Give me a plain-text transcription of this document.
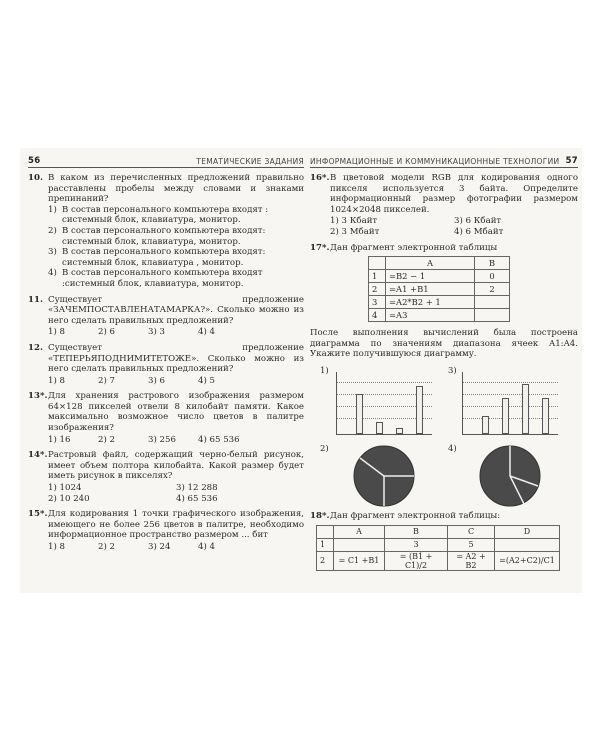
56	ТЕМАТИЧЕСКИЕ ЗАДАНИЯ
10. В каком из перечисленных предложений правильно расставлены пробелы между словами и знаками препинаний?
1) В состав персонального компьютера входят : системный блок, клавиатура, монитор.
2) В состав персонального компьютера входят: системный блок, клавиатура, монитор.
3) В состав персонального компьютера входят: системный блок, клавиатура , монитор.
4) В состав персонального компьютера входят :системный блок, клавиатура, монитор.
11. Существует предложение «ЗАЧЕМПОСТАВЛЕНАТАМАРКА?». Сколько можно из него сделать правильных предложений?
1) 8	2) 6	3) 3	4) 4
12. Существует предложение «ТЕПЕРЬЯПОДНИМИТЕТОЖЕ». Сколько можно из него сделать правильных предложений?
1) 8	2) 7	3) 6	4) 5
13*. Для хранения растрового изображения размером 64×128 пикселей отвели 8 килобайт памяти. Какое максимально возможное число цветов в палитре изображения?
1) 16	2) 2	3) 256	4) 65 536
14*. Растровый файл, содержащий черно-белый рисунок, имеет объем полтора килобайта. Какой размер будет иметь рисунок в пикселях?
1) 1024	3) 12 288
2) 10 240	4) 65 536
15*. Для кодирования 1 точки графического изображения, имеющего не более 256 цветов в палитре, необходимо информационное пространство размером ... бит
1) 8	2) 2	3) 24	4) 4
ИНФОРМАЦИОННЫЕ И КОММУНИКАЦИОННЫЕ ТЕХНОЛОГИИ 57
16*. В цветовой модели RGB для кодирования одного пикселя используется 3 байта. Определите информационный размер фотографии размером 1024×2048 пикселей.
1) 3 Кбайт	3) 6 Кбайт
2) 3 Мбайт	4) 6 Мбайт
17*. Дан фрагмент электронной таблицы
	A	B
1	=B2 − 1	0
2	=A1 +B1	2
3	=A2*B2 + 1	
4	=A3	
После выполнения вычислений была построена диаграмма по значениям диапазона ячеек A1:A4. Укажите получившуюся диаграмму.
1)	3)
2)	4)
18*. Дан фрагмент электронной таблицы:
	A	B	C	D
1		3	5	
2	= C1 +B1	= (B1 + C1)/2	= A2 + B2	=(A2+C2)/C1
